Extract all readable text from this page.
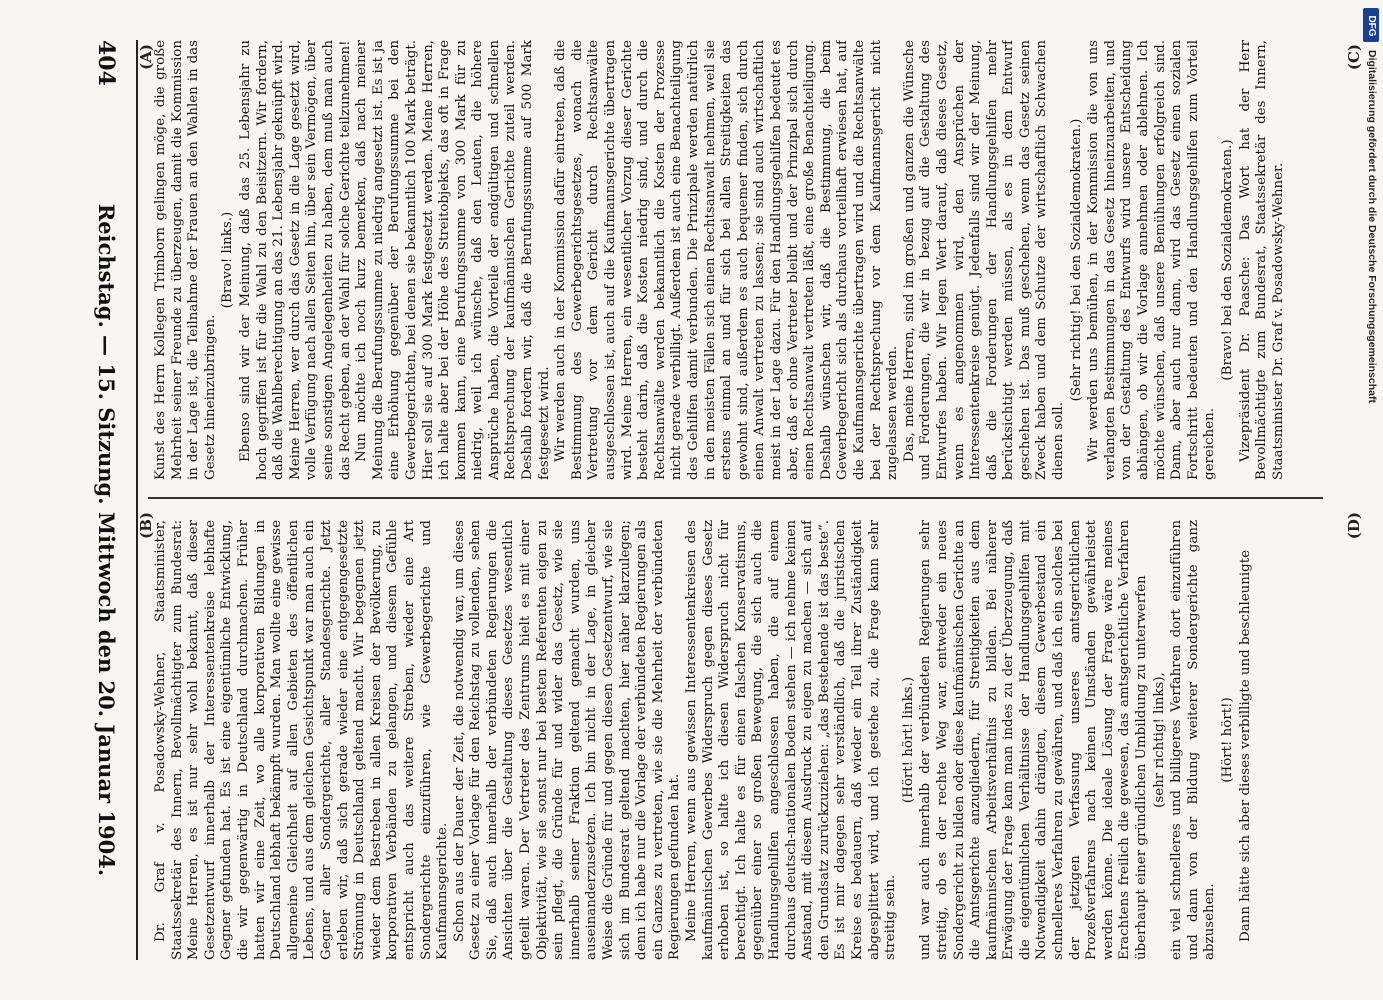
404
Reichstag. — 15. Sitzung. Mittwoch den 20. Januar 1904.	Kunst des Herrn Kollegen Trimborn gelingen möge, die große Mehrheit seiner Freunde zu überzeugen, damit die Kommission in der Lage ist, die Teilnahme der Frauen an den Wahlen in das Gesetz hineinzubringen.

(Bravo! links.) Ebenso sind wir der Meinung, daß das 25. Lebensjahr zu hoch gegriffen ist für die Wahl zu den Beisitzern. Wir fordern, daß die Wahlberechtigung an das 21. Lebensjahr geknüpft wird. Meine Herren, wer durch das Gesetz in die Lage gesetzt wird, volle Verfügung nach allen Seiten hin, über sein Vermögen, über seine sonstigen Angelegenheiten zu haben, dem muß man auch das Recht geben, an der Wahl für solche Gerichte teilzunehmen! Nun möchte ich noch kurz bemerken, daß nach meiner Meinung die Berufungssumme zu niedrig angesetzt ist. Es ist ja eine Erhöhung gegenüber der Berufungssumme bei den Gewerbegerichten, bei denen sie bekanntlich 100 Mark beträgt. Hier soll sie auf 300 Mark festgesetzt werden. Meine Herren, ich halte aber bei der Höhe des Streitobjekts, das oft in Frage kommen kann, eine Berufungssumme von 300 Mark für zu niedrig, weil ich wünsche, daß den Leuten, die höhere Ansprüche haben, die Vorteile der endgültigen und schnellen Rechtsprechung der kaufmännischen Gerichte zuteil werden. Deshalb fordern wir, daß die Berufungssumme auf 500 Mark festgesetzt wird. Wir werden auch in der Kommission dafür eintreten, daß die Bestimmung des Gewerbegerichtsgesetzes, wonach die Vertretung vor dem Gericht durch Rechtsanwälte ausgeschlossen ist, auch auf die Kaufmannsgerichte übertragen wird. Meine Herren, ein wesentlicher Vorzug dieser Gerichte besteht darin, daß die Kosten niedrig sind, und durch die Rechtsanwälte werden bekanntlich die Kosten der Prozesse nicht gerade verbilligt. Außerdem ist auch eine Benachteiligung des Gehilfen damit verbunden. Die Prinzipale werden natürlich in den meisten Fällen sich einen Rechtsanwalt nehmen, weil sie erstens einmal an und für sich bei allen Streitigkeiten das gewohnt sind, außerdem es auch bequemer finden, sich durch einen Anwalt vertreten zu lassen; sie sind auch wirtschaftlich meist in der Lage dazu. Für den Handlungsgehilfen bedeutet es aber, daß er ohne Vertreter bleibt und der Prinzipal sich durch einen Rechtsanwalt vertreten läßt, eine große Benachteiligung. Deshalb wünschen wir, daß die Bestimmung, die beim Gewerbegericht sich als durchaus vorteilhaft erwiesen hat, auf die Kaufmannsgerichte übertragen wird und die Rechtsanwälte bei der Rechtsprechung vor dem Kaufmannsgericht nicht zugelassen werden. Das, meine Herren, sind im großen und ganzen die Wünsche und Forderungen, die wir in bezug auf die Gestaltung des Entwurfes haben. Wir legen Wert darauf, daß dieses Gesetz, wenn es angenommen wird, den Ansprüchen der Interessentenkreise genügt. Jedenfalls sind wir der Meinung, daß die Forderungen der Handlungsgehilfen mehr berücksichtigt werden müssen, als es in dem Entwurf geschehen ist. Das muß geschehen, wenn das Gesetz seinen Zweck haben und dem Schutze der wirtschaftlich Schwachen dienen soll.

(Sehr richtig! bei den Sozialdemokraten.) Wir werden uns bemühen, in der Kommission die von uns verlangten Bestimmungen in das Gesetz hineinzuarbeiten, und von der Gestaltung des Entwurfs wird unsere Entscheidung abhängen, ob wir die Vorlage annehmen oder ablehnen. Ich möchte wünschen, daß unsere Bemühungen erfolgreich sind. Dann, aber auch nur dann, wird das Gesetz einen sozialen Fortschritt bedeuten und den Handlungsgehilfen zum Vorteil gereichen.

(Bravo! bei den Sozialdemokraten.) Vizepräsident Dr. Paasche: Das Wort hat der Herr Bevollmächtigte zum Bundesrat, Staatssekretär des Innern, Staatsminister Dr. Graf v. Posadowsky-Wehner.

Dr. Graf v. Posadowsky-Wehner, Staatsminister, Staatssekretär des Innern, Bevollmächtigter zum Bundesrat: Meine Herren, es ist nur sehr wohl bekannt, daß dieser Gesetzentwurf innerhalb der Interessentenkreise lebhafte Gegner gefunden hat. Es ist eine eigentümliche Entwicklung, die wir gegenwärtig in Deutschland durchmachen. Früher hatten wir eine Zeit, wo alle korporativen Bildungen in Deutschland lebhaft bekämpft wurden. Man wollte eine gewisse allgemeine Gleichheit auf allen Gebieten des öffentlichen Lebens, und aus dem gleichen Gesichtspunkt war man auch ein Gegner aller Sondergerichte, aller Standesgerichte. Jetzt erleben wir, daß sich gerade wieder eine entgegengesetzte Strömung in Deutschland geltend macht. Wir begegnen jetzt wieder dem Bestreben in allen Kreisen der Bevölkerung, zu korporativen Verbänden zu gelangen, und diesem Gefühle entspricht auch das weitere Streben, wieder eine Art Sondergerichte einzuführen, wie Gewerbegerichte und Kaufmannsgerichte. Schon aus der Dauer der Zeit, die notwendig war, um dieses Gesetz zu einer Vorlage für den Reichstag zu vollenden, sehen Sie, daß auch innerhalb der verbündeten Regierungen die Ansichten über die Gestaltung dieses Gesetzes wesentlich geteilt waren. Der Vertreter des Zentrums hielt es mit einer Objektivität, wie sie sonst nur bei besten Referenten eigen zu sein pflegt, die Gründe für und wider das Gesetz, wie sie innerhalb seiner Fraktion geltend gemacht wurden, uns auseinanderzusetzen. Ich bin nicht in der Lage, in gleicher Weise die Gründe für und gegen diesen Gesetzentwurf, wie sie sich im Bundesrat geltend machten, hier näher klarzulegen; denn ich habe nur die Vorlage der verbündeten Regierungen als ein Ganzes zu vertreten, wie sie die Mehrheit der verbündeten Regierungen gefunden hat. Meine Herren, wenn aus gewissen Interessentenkreisen des kaufmännischen Gewerbes Widerspruch gegen dieses Gesetz erhoben ist, so halte ich diesen Widerspruch nicht für berechtigt. Ich halte es für einen falschen Konservatismus, gegenüber einer so großen Bewegung, die sich auch die Handlungsgehilfen angeschlossen haben, die auf einem durchaus deutsch-nationalen Boden stehen — ich nehme keinen Anstand, mit diesem Ausdruck zu eigen zu machen — sich auf den Grundsatz zurückzuziehen: „das Bestehende ist das beste“. Es ist mir dagegen sehr verständlich, daß die juristischen Kreise es bedauern, daß wieder ein Teil ihrer Zuständigkeit abgesplittert wird, und ich gestehe zu, die Frage kann sehr streitig sein.

(Hört! hört! links.) und war auch innerhalb der verbündeten Regierungen sehr streitig, ob es der rechte Weg war, entweder ein neues Sondergericht zu bilden oder diese kaufmännischen Gerichte an die Amtsgerichte anzugliedern, für Streitigkeiten aus dem kaufmännischen Arbeitsverhältnis zu bilden. Bei näherer Erwägung der Frage kam man indes zu der Überzeugung, daß die eigentümlichen Verhältnisse der Handlungsgehilfen mit Notwendigkeit dahin drängten, diesem Gewerbestand ein schnelleres Verfahren zu gewähren, und daß ich ein solches bei der jetzigen Verfassung unseres amtsgerichtlichen Prozeßverfahrens nach keinen Umständen gewährleistet werden könne. Die ideale Lösung der Frage wäre meines Erachtens freilich die gewesen, das amtsgerichtliche Verfahren überhaupt einer gründlichen Umbildung zu unterwerfen (sehr richtig! links), ein viel schnelleres und billigeres Verfahren dort einzuführen und dann von der Bildung weiterer Sondergerichte ganz abzusehen.

(Hört! hört!) Dann hätte sich aber dieses verbilligte und beschleunigte

(A)
(B)
(C)
(D)
DFG
Digitalisierung gefördert durch die Deutsche Forschungsgemeinschaft
